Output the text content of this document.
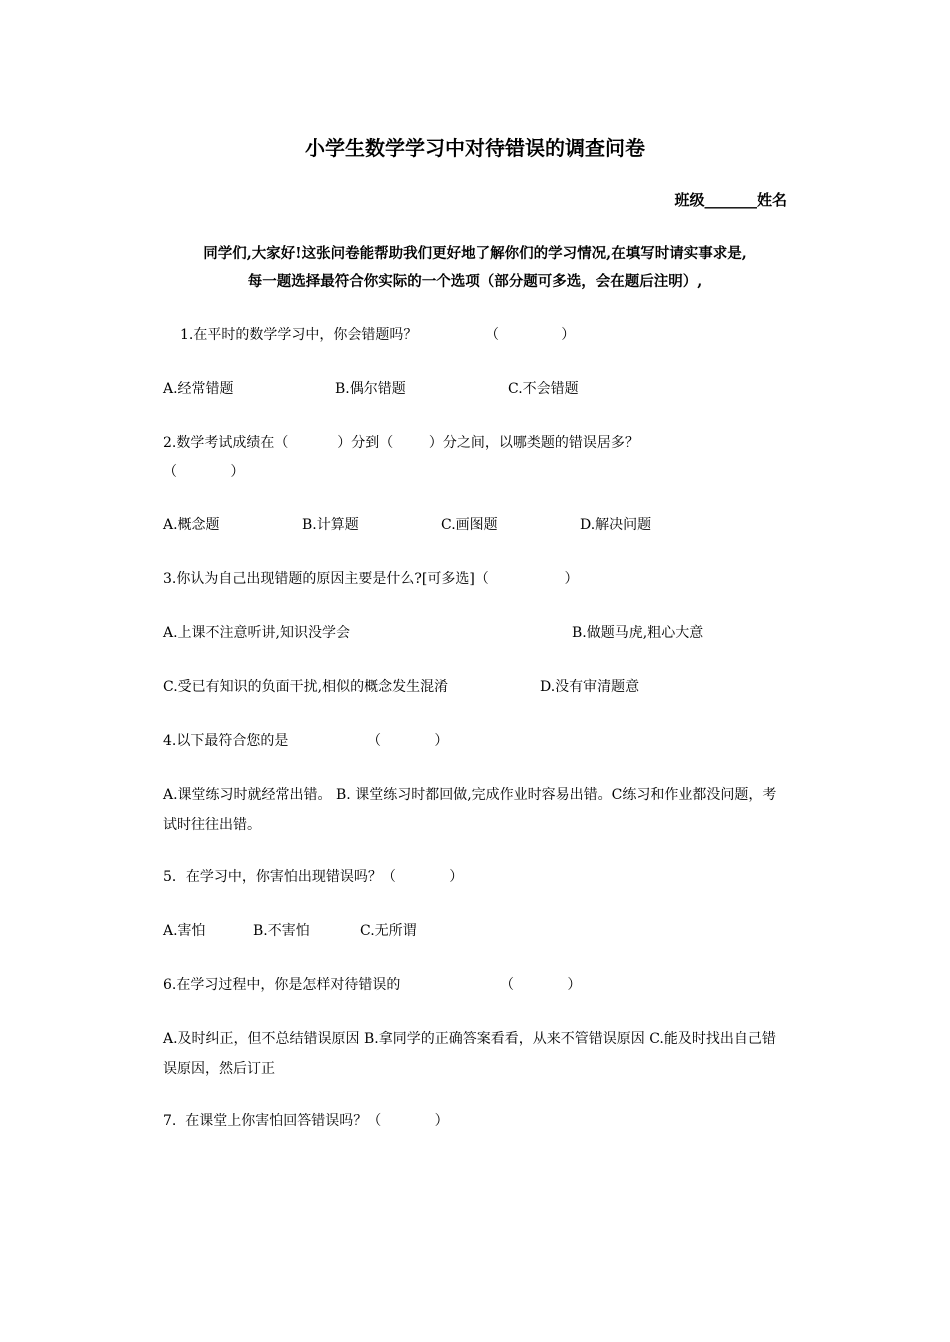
小学生数学学习中对待错误的调查问卷
班级_______姓名
同学们,大家好!这张问卷能帮助我们更好地了解你们的学习情况,在填写时请实事求是,
每一题选择最符合你实际的一个选项（部分题可多选，会在题后注明）,
1.在平时的数学学习中，你会错题吗？	（              ）
A.经常错题	B.偶尔错题	C.不会错题
2.数学考试成绩在（           ）分到（        ）分之间，以哪类题的错误居多？
（            ）
A.概念题	B.计算题	C.画图题	D.解决问题
3.你认为自己出现错题的原因主要是什么?[可多选]（                 ）
A.上课不注意听讲,知识没学会	B.做题马虎,粗心大意
C.受已有知识的负面干扰,相似的概念发生混淆	D.没有审清题意
4.以下最符合您的是	（            ）
A.课堂练习时就经常出错。 B. 课堂练习时都回做,完成作业时容易出错。C练习和作业都没问题，考试时往往出错。
5．在学习中，你害怕出现错误吗？（            ）
A.害怕	B.不害怕	C.无所谓
6.在学习过程中，你是怎样对待错误的	（            ）
A.及时纠正，但不总结错误原因 B.拿同学的正确答案看看，从来不管错误原因 C.能及时找出自己错误原因，然后订正
7.  在课堂上你害怕回答错误吗？（            ）
